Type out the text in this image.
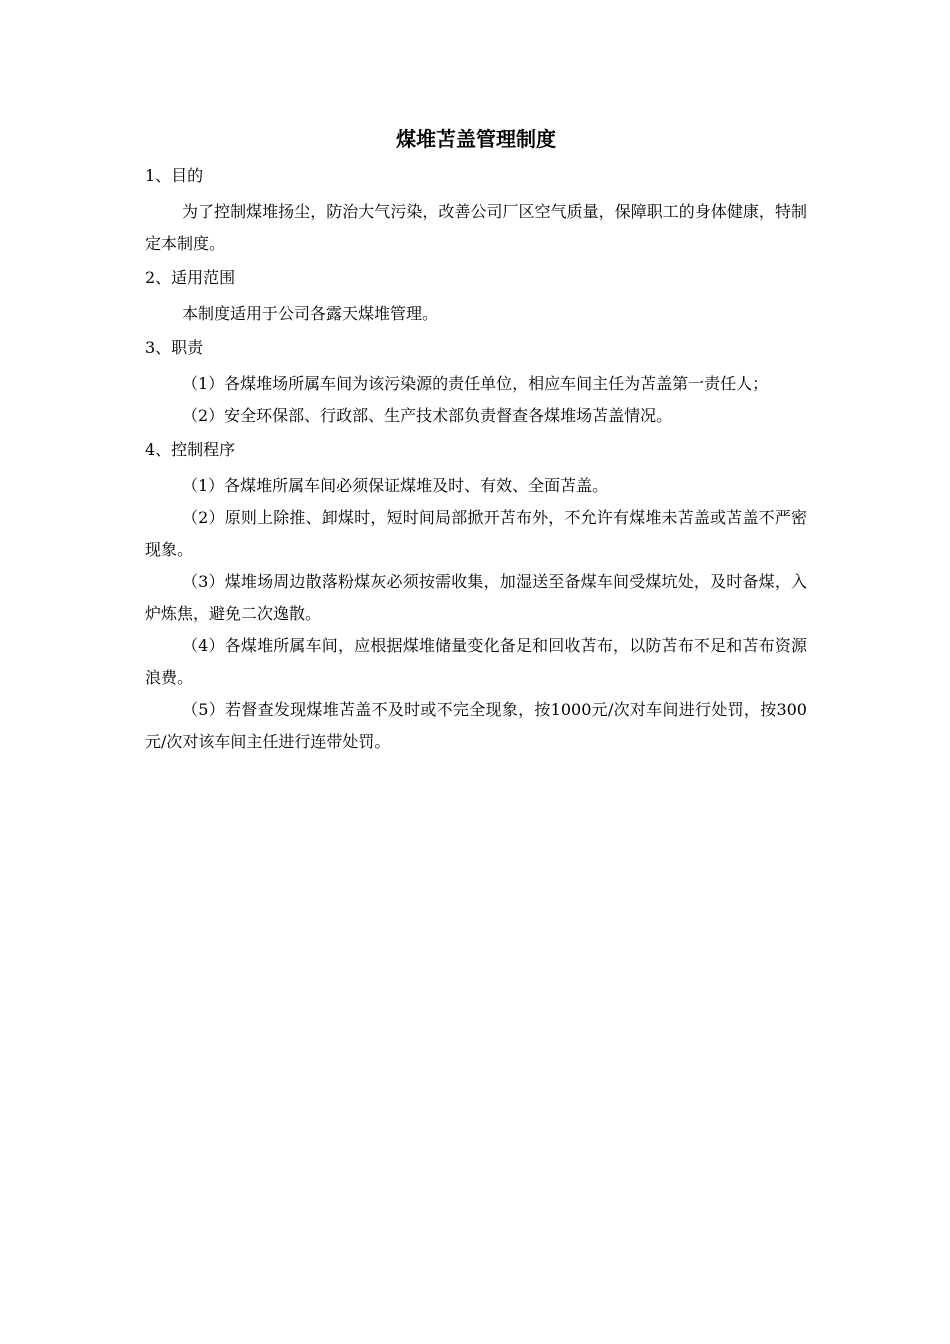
煤堆苫盖管理制度

1、目的

为了控制煤堆扬尘，防治大气污染，改善公司厂区空气质量，保障职工的身体健康，特制定本制度。

2、适用范围

本制度适用于公司各露天煤堆管理。

3、职责

（1）各煤堆场所属车间为该污染源的责任单位，相应车间主任为苫盖第一责任人；

（2）安全环保部、行政部、生产技术部负责督查各煤堆场苫盖情况。

4、控制程序

（1）各煤堆所属车间必须保证煤堆及时、有效、全面苫盖。

（2）原则上除推、卸煤时，短时间局部掀开苫布外，不允许有煤堆未苫盖或苫盖不严密现象。

（3）煤堆场周边散落粉煤灰必须按需收集，加湿送至备煤车间受煤坑处，及时备煤，入炉炼焦，避免二次逸散。

（4）各煤堆所属车间，应根据煤堆储量变化备足和回收苫布，以防苫布不足和苫布资源浪费。

（5）若督查发现煤堆苫盖不及时或不完全现象，按1000元/次对车间进行处罚，按300元/次对该车间主任进行连带处罚。
